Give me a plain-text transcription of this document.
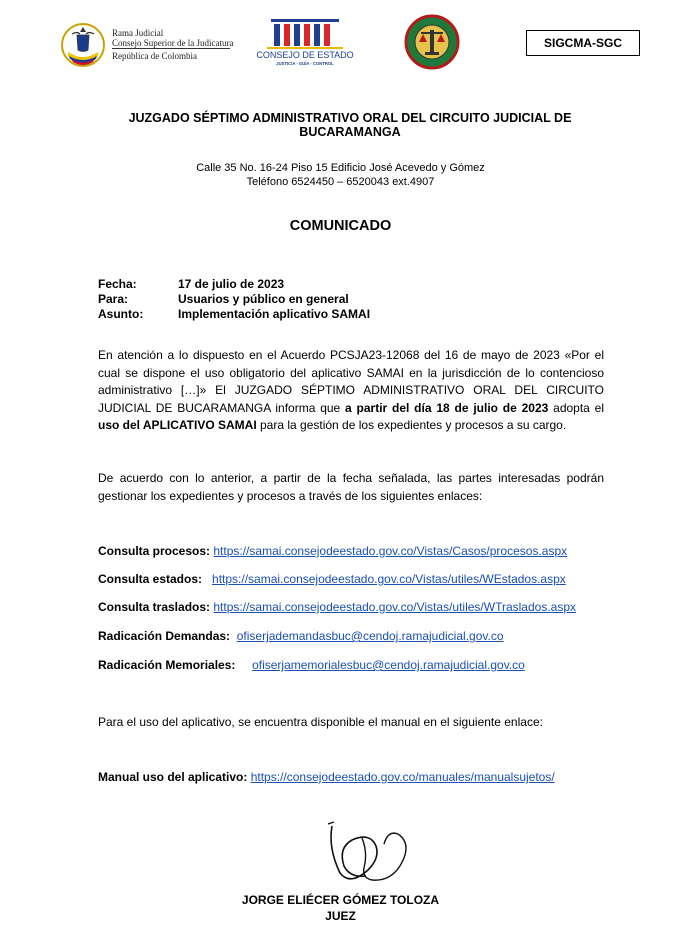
Rama Judicial
Consejo Superior de la Judicatura
República de Colombia	CONSEJO DE ESTADO
JUSTICIA · GUÍA · CONTROL
SIGCMA-SGC
JUZGADO SÉPTIMO ADMINISTRATIVO ORAL DEL CIRCUITO JUDICIAL DE BUCARAMANGA
Calle 35 No. 16-24 Piso 15 Edificio José Acevedo y Gómez
Teléfono 6524450 – 6520043 ext.4907
COMUNICADO
Fecha:	17 de julio de 2023
Para:	Usuarios y público en general
Asunto:	Implementación aplicativo SAMAI
En atención a lo dispuesto en el Acuerdo PCSJA23-12068 del 16 de mayo de 2023 «Por el cual se dispone el uso obligatorio del aplicativo SAMAI en la jurisdicción de lo contencioso administrativo […]» El JUZGADO SÉPTIMO ADMINISTRATIVO ORAL DEL CIRCUITO JUDICIAL DE BUCARAMANGA informa que a partir del día 18 de julio de 2023 adopta el uso del APLICATIVO SAMAI para la gestión de los expedientes y procesos a su cargo.
De acuerdo con lo anterior, a partir de la fecha señalada, las partes interesadas podrán gestionar los expedientes y procesos a través de los siguientes enlaces:
Consulta procesos: https://samai.consejodeestado.gov.co/Vistas/Casos/procesos.aspx
Consulta estados: https://samai.consejodeestado.gov.co/Vistas/utiles/WEstados.aspx
Consulta traslados: https://samai.consejodeestado.gov.co/Vistas/utiles/WTraslados.aspx
Radicación Demandas: ofiserjademandasbuc@cendoj.ramajudicial.gov.co
Radicación Memoriales: ofiserjamemorialesbuc@cendoj.ramajudicial.gov.co
Para el uso del aplicativo, se encuentra disponible el manual en el siguiente enlace:
Manual uso del aplicativo: https://consejodeestado.gov.co/manuales/manualsujetos/
JORGE ELIÉCER GÓMEZ TOLOZA
JUEZ
